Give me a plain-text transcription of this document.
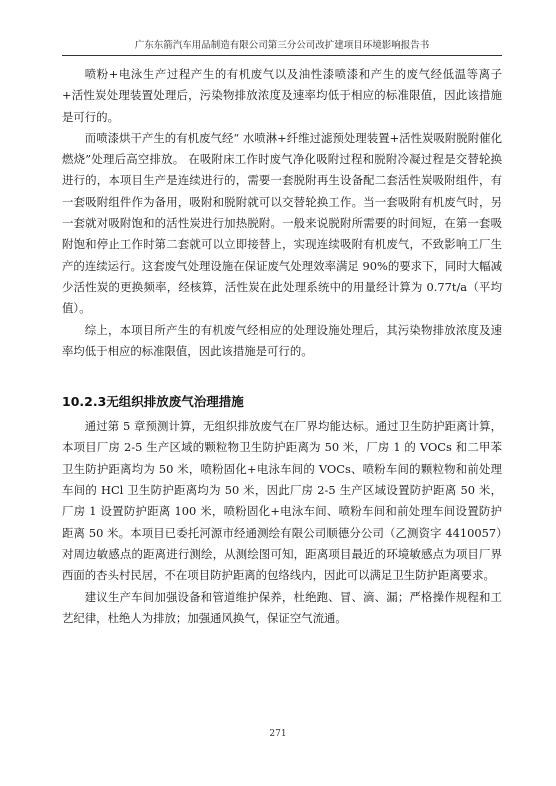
广东东箭汽车用品制造有限公司第三分公司改扩建项目环境影响报告书

喷粉+电泳生产过程产生的有机废气以及油性漆喷漆和产生的废气经低温等离子+活性炭处理装置处理后，污染物排放浓度及速率均低于相应的标准限值，因此该措施是可行的。

而喷漆烘干产生的有机废气经“ 水喷淋+纤维过滤预处理装置+活性炭吸附脱附催化燃烧”处理后高空排放。 在吸附床工作时废气净化吸附过程和脱附冷凝过程是交替轮换进行的，本项目生产是连续进行的，需要一套脱附再生设备配二套活性炭吸附组件，有一套吸附组件作为备用，吸附和脱附就可以交替轮换工作。当一套吸附有机废气时，另一套就对吸附饱和的活性炭进行加热脱附。一般来说脱附所需要的时间短，在第一套吸附饱和停止工作时第二套就可以立即接替上，实现连续吸附有机废气，不致影响工厂生产的连续运行。这套废气处理设施在保证废气处理效率满足 90%的要求下，同时大幅减少活性炭的更换频率，经核算，活性炭在此处理系统中的用量经计算为 0.77t/a（平均值）。

综上，本项目所产生的有机废气经相应的处理设施处理后，其污染物排放浓度及速率均低于相应的标准限值，因此该措施是可行的。

10.2.3无组织排放废气治理措施

通过第 5 章预测计算，无组织排放废气在厂界均能达标。通过卫生防护距离计算，本项目厂房 2-5 生产区域的颗粒物卫生防护距离为 50 米，厂房 1 的 VOCs 和二甲苯卫生防护距离均为 50 米，喷粉固化+电泳车间的 VOCs、喷粉车间的颗粒物和前处理车间的 HCl 卫生防护距离均为 50 米，因此厂房 2-5 生产区域设置防护距离 50 米，厂房 1 设置防护距离 100 米，喷粉固化+电泳车间、喷粉车间和前处理车间设置防护距离 50 米。本项目已委托河源市经通测绘有限公司顺德分公司（乙测资字 4410057）对周边敏感点的距离进行测绘，从测绘图可知，距离项目最近的环境敏感点为项目厂界西面的杏头村民居，不在项目防护距离的包络线内，因此可以满足卫生防护距离要求。

建议生产车间加强设备和管道维护保养，杜绝跑、冒、滴、漏；严格操作规程和工艺纪律，杜绝人为排放；加强通风换气，保证空气流通。

271
